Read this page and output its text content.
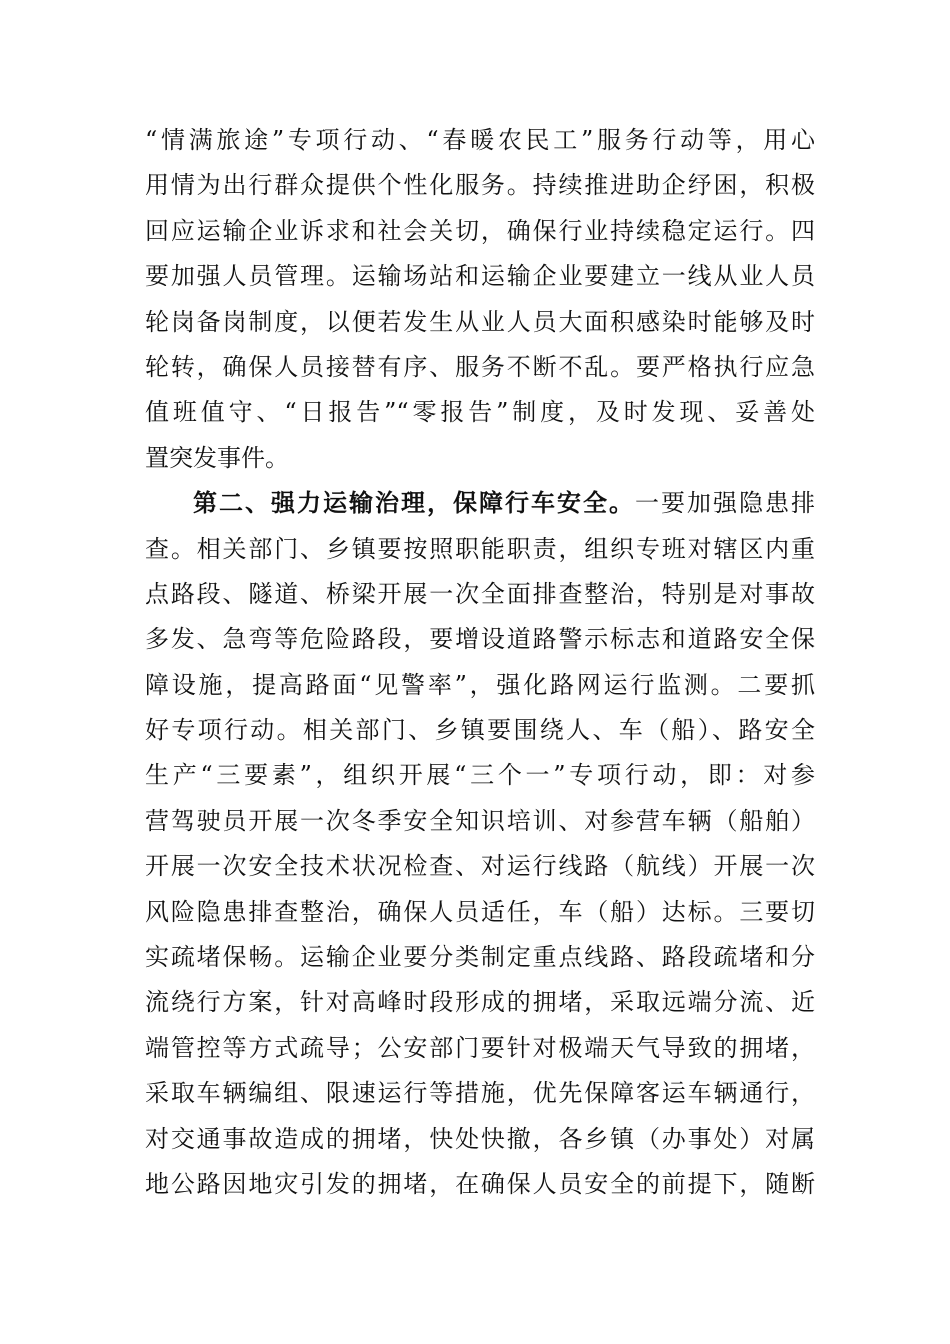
“情满旅途”专项行动、“春暖农民工”服务行动等，用心
用情为出行群众提供个性化服务。持续推进助企纾困，积极
回应运输企业诉求和社会关切，确保行业持续稳定运行。四
要加强人员管理。运输场站和运输企业要建立一线从业人员
轮岗备岗制度，以便若发生从业人员大面积感染时能够及时
轮转，确保人员接替有序、服务不断不乱。要严格执行应急
值班值守、“日报告”“零报告”制度，及时发现、妥善处
置突发事件。
第二、强力运输治理，保障行车安全。一要加强隐患排
查。相关部门、乡镇要按照职能职责，组织专班对辖区内重
点路段、隧道、桥梁开展一次全面排查整治，特别是对事故
多发、急弯等危险路段，要增设道路警示标志和道路安全保
障设施，提高路面“见警率”，强化路网运行监测。二要抓
好专项行动。相关部门、乡镇要围绕人、车（船）、路安全
生产“三要素”，组织开展“三个一”专项行动，即：对参
营驾驶员开展一次冬季安全知识培训、对参营车辆（船舶）
开展一次安全技术状况检查、对运行线路（航线）开展一次
风险隐患排查整治，确保人员适任，车（船）达标。三要切
实疏堵保畅。运输企业要分类制定重点线路、路段疏堵和分
流绕行方案，针对高峰时段形成的拥堵，采取远端分流、近
端管控等方式疏导；公安部门要针对极端天气导致的拥堵，
采取车辆编组、限速运行等措施，优先保障客运车辆通行，
对交通事故造成的拥堵，快处快撤，各乡镇（办事处）对属
地公路因地灾引发的拥堵，在确保人员安全的前提下，随断
